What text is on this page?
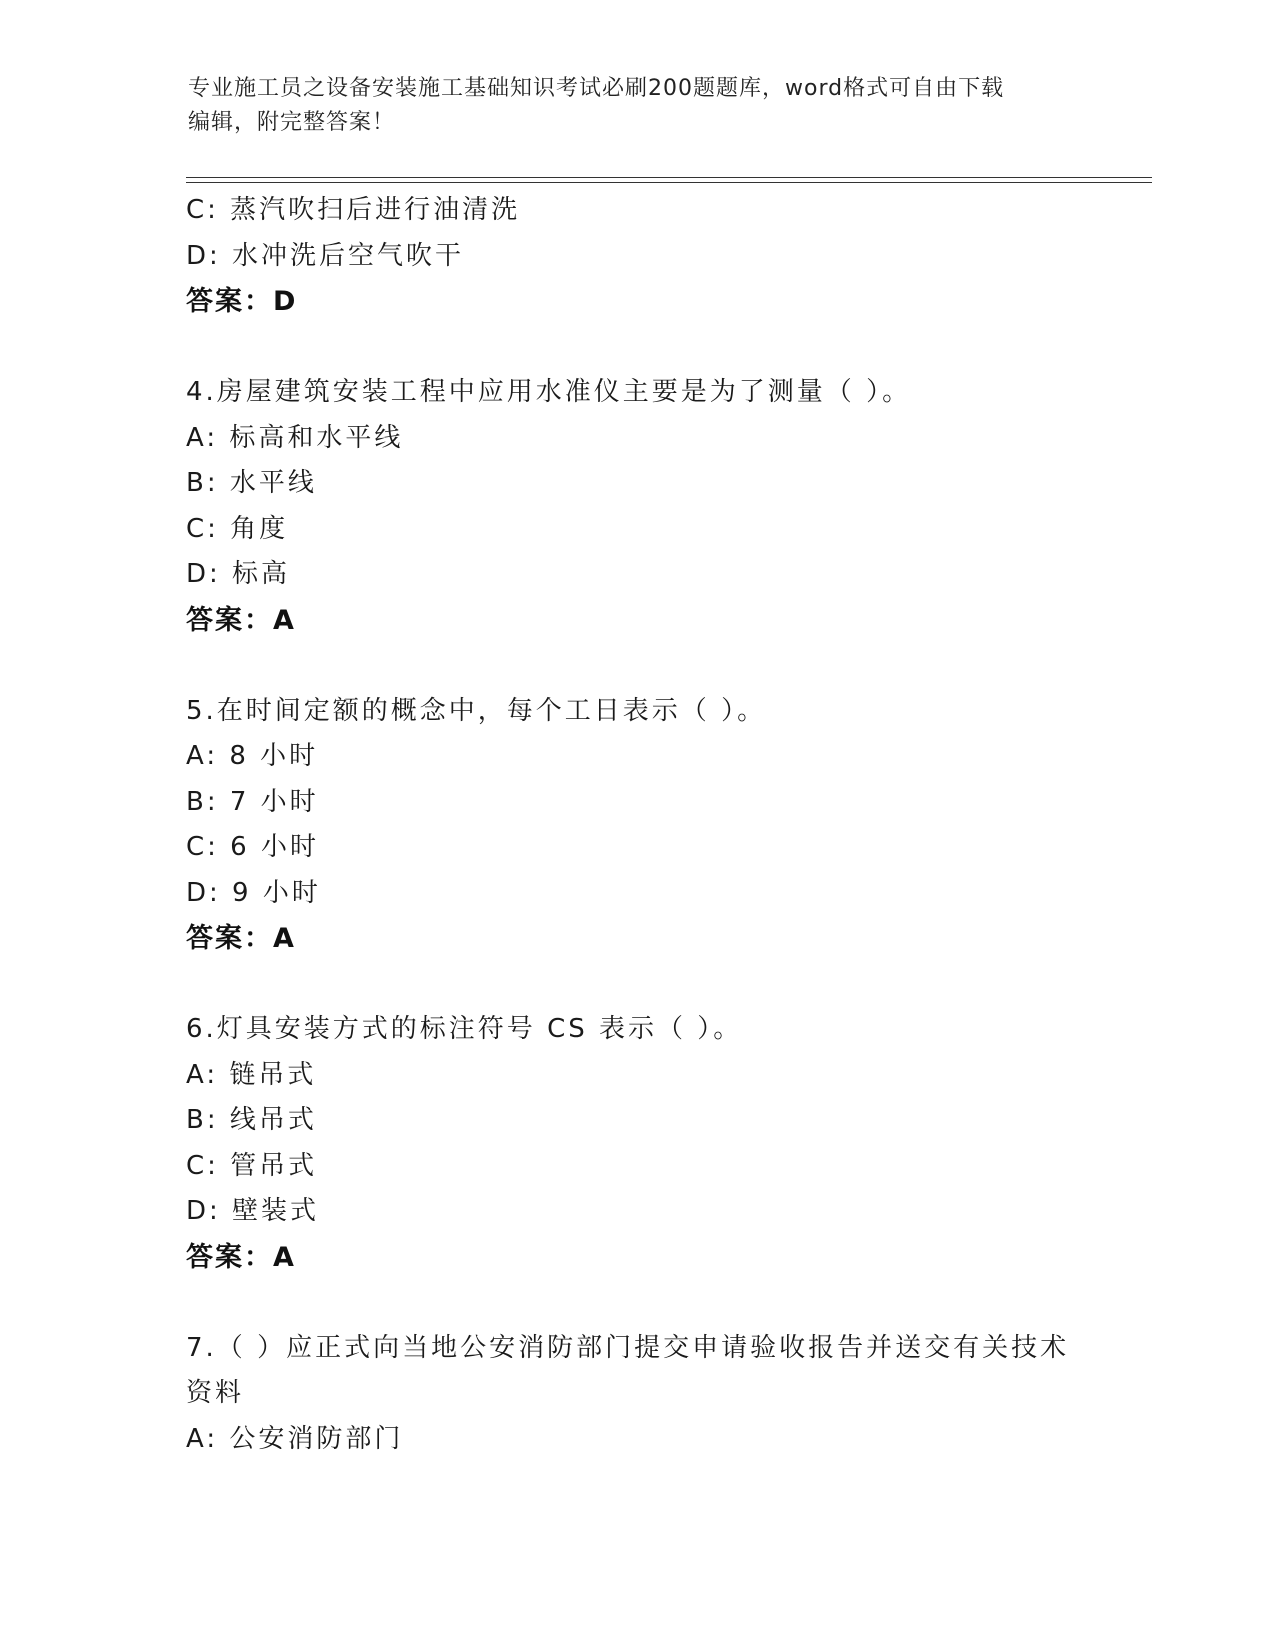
专业施工员之设备安装施工基础知识考试必刷200题题库，word格式可自由下载
编辑，附完整答案！
C: 蒸汽吹扫后进行油清洗
D: 水冲洗后空气吹干
答案：D
4.房屋建筑安装工程中应用水准仪主要是为了测量（ ）。
A: 标高和水平线
B: 水平线
C: 角度
D: 标高
答案：A
5.在时间定额的概念中，每个工日表示（ ）。
A: 8 小时
B: 7 小时
C: 6 小时
D: 9 小时
答案：A
6.灯具安装方式的标注符号 CS 表示（ ）。
A: 链吊式
B: 线吊式
C: 管吊式
D: 壁装式
答案：A
7.（ ）应正式向当地公安消防部门提交申请验收报告并送交有关技术资料
A: 公安消防部门
